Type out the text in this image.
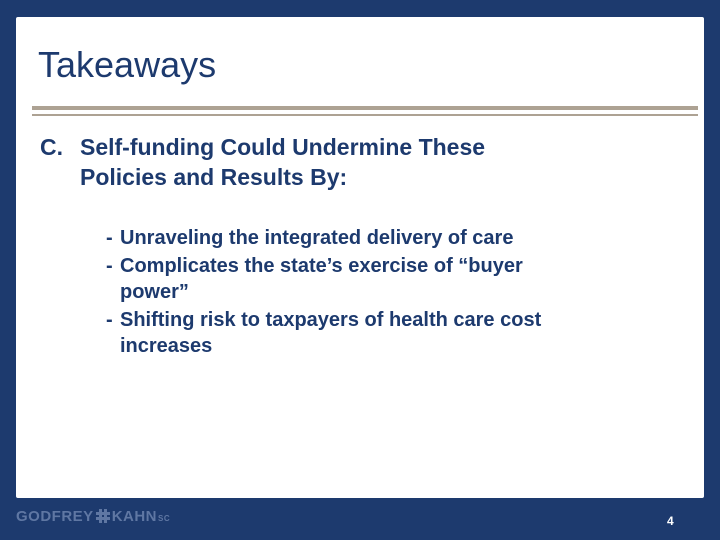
Takeaways
C. Self-funding Could Undermine These
Policies and Results By:
- Unraveling the integrated delivery of care
- Complicates the state’s exercise of “buyer
power”
- Shifting risk to taxpayers of health care cost
increases
GODFREY KAHN SC	4
